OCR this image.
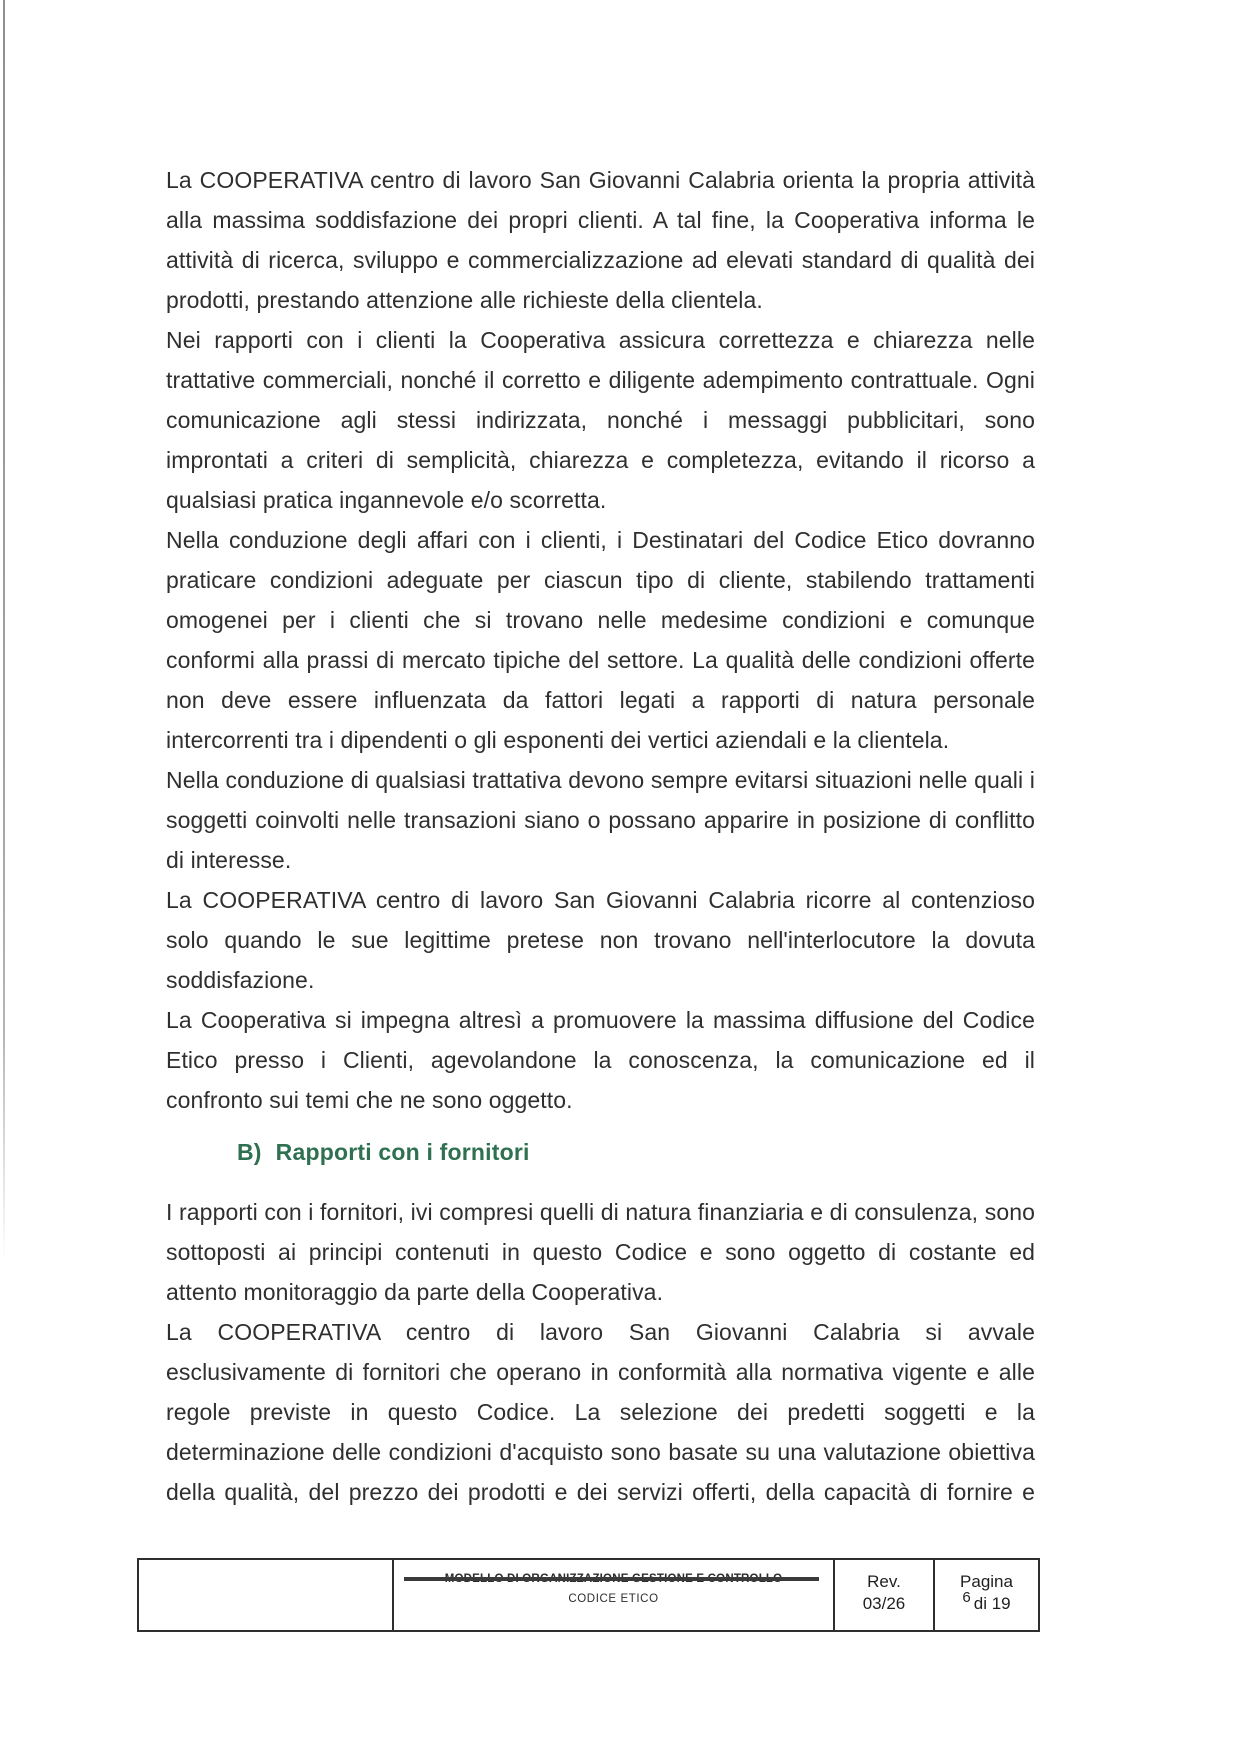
La COOPERATIVA centro di lavoro San Giovanni Calabria orienta la propria attività
alla massima soddisfazione dei propri clienti. A tal fine, la Cooperativa informa le
attività di ricerca, sviluppo e commercializzazione ad elevati standard di qualità dei
prodotti, prestando attenzione alle richieste della clientela.
Nei rapporti con i clienti la Cooperativa assicura correttezza e chiarezza nelle
trattative commerciali, nonché il corretto e diligente adempimento contrattuale. Ogni
comunicazione agli stessi indirizzata, nonché i messaggi pubblicitari, sono
improntati a criteri di semplicità, chiarezza e completezza, evitando il ricorso a
qualsiasi pratica ingannevole e/o scorretta.
Nella conduzione degli affari con i clienti, i Destinatari del Codice Etico dovranno
praticare condizioni adeguate per ciascun tipo di cliente, stabilendo trattamenti
omogenei per i clienti che si trovano nelle medesime condizioni e comunque
conformi alla prassi di mercato tipiche del settore. La qualità delle condizioni offerte
non deve essere influenzata da fattori legati a rapporti di natura personale
intercorrenti tra i dipendenti o gli esponenti dei vertici aziendali e la clientela.
Nella conduzione di qualsiasi trattativa devono sempre evitarsi situazioni nelle quali i
soggetti coinvolti nelle transazioni siano o possano apparire in posizione di conflitto
di interesse.
La COOPERATIVA centro di lavoro San Giovanni Calabria ricorre al contenzioso
solo quando le sue legittime pretese non trovano nell'interlocutore la dovuta
soddisfazione.
La Cooperativa si impegna altresì a promuovere la massima diffusione del Codice
Etico presso i Clienti, agevolandone la conoscenza, la comunicazione ed il
confronto sui temi che ne sono oggetto.
B) Rapporti con i fornitori
I rapporti con i fornitori, ivi compresi quelli di natura finanziaria e di consulenza, sono
sottoposti ai principi contenuti in questo Codice e sono oggetto di costante ed
attento monitoraggio da parte della Cooperativa.
La COOPERATIVA centro di lavoro San Giovanni Calabria si avvale
esclusivamente di fornitori che operano in conformità alla normativa vigente e alle
regole previste in questo Codice. La selezione dei predetti soggetti e la
determinazione delle condizioni d'acquisto sono basate su una valutazione obiettiva
della qualità, del prezzo dei prodotti e dei servizi offerti, della capacità di fornire e
CODICE ETICO
Rev.
03/26
Pagina
6 di 19
